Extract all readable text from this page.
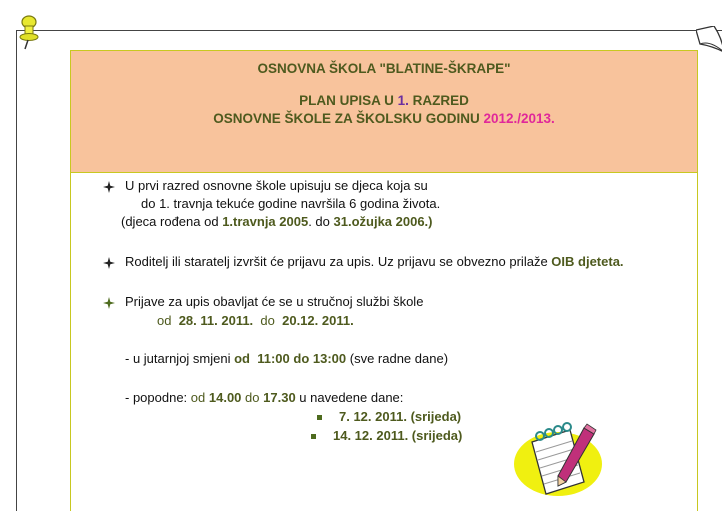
OSNOVNA ŠKOLA "BLATINE-ŠKRAPE"
PLAN UPISA U 1. RAZRED
OSNOVNE ŠKOLE ZA ŠKOLSKU GODINU 2012./2013.
U prvi razred osnovne škole upisuju se djeca koja su
do 1. travnja tekuće godine navršila 6 godina života.
(djeca rođena od 1.travnja 2005. do 31.ožujka 2006.)
Roditelj ili staratelj izvršit će prijavu za upis. Uz prijavu se obvezno prilaže OIB djeteta.
Prijave za upis obavljat će se u stručnoj službi škole
od 28. 11. 2011. do 20.12. 2011.
- u jutarnjoj smjeni od 11:00 do 13:00 (sve radne dane)
- popodne: od 14.00 do 17.30 u navedene dane:
7. 12. 2011. (srijeda)
14. 12. 2011. (srijeda)
